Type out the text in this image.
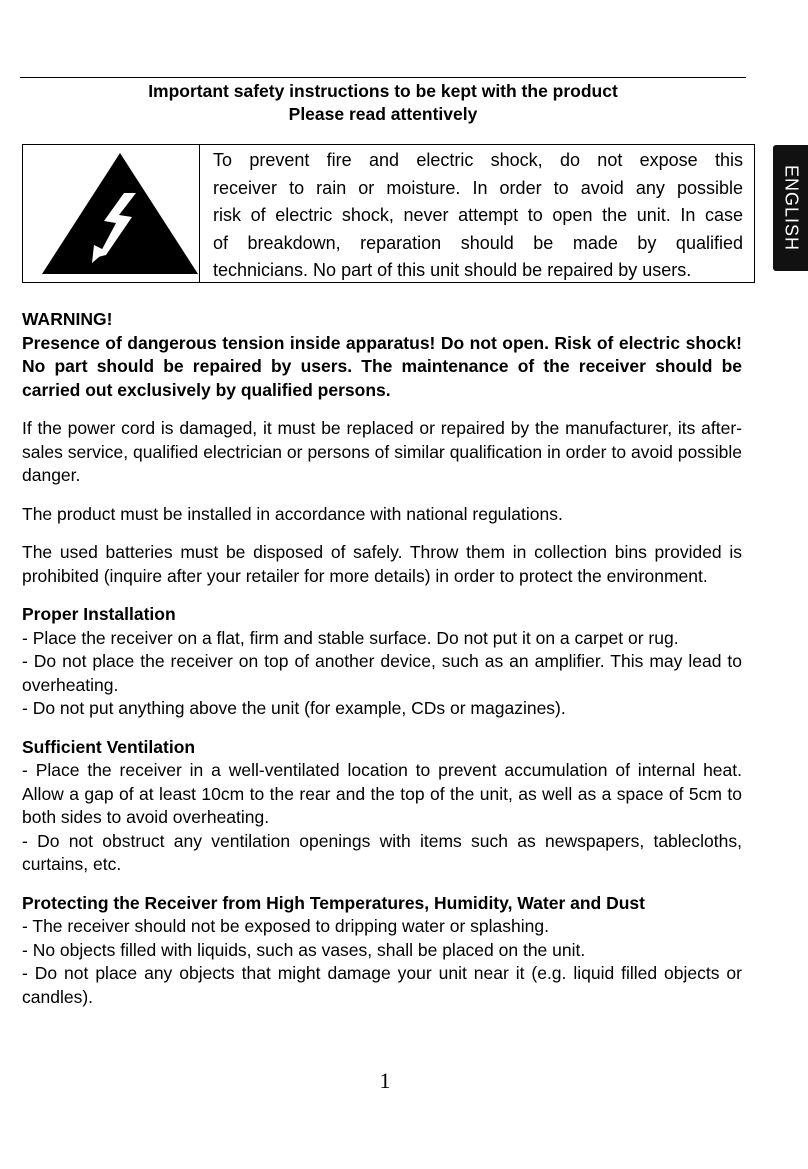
Important safety instructions to be kept with the product
Please read attentively
To prevent fire and electric shock, do not expose this
receiver to rain or moisture. In order to avoid any possible
risk of electric shock, never attempt to open the unit. In case
of breakdown, reparation should be made by qualified
technicians. No part of this unit should be repaired by users.
ENGLISH

WARNING!

Presence of dangerous tension inside apparatus! Do not open. Risk of electric shock! No part should be repaired by users. The maintenance of the receiver should be carried out exclusively by qualified persons.

If the power cord is damaged, it must be replaced or repaired by the manufacturer, its after-sales service, qualified electrician or persons of similar qualification in order to avoid possible danger.

The product must be installed in accordance with national regulations.

The used batteries must be disposed of safely. Throw them in collection bins provided is prohibited (inquire after your retailer for more details) in order to protect the environment.

Proper Installation
- Place the receiver on a flat, firm and stable surface. Do not put it on a carpet or rug.
- Do not place the receiver on top of another device, such as an amplifier. This may lead to overheating.
- Do not put anything above the unit (for example, CDs or magazines).
Sufficient Ventilation
- Place the receiver in a well-ventilated location to prevent accumulation of internal heat. Allow a gap of at least 10cm to the rear and the top of the unit, as well as a space of 5cm to both sides to avoid overheating.
- Do not obstruct any ventilation openings with items such as newspapers, tablecloths, curtains, etc.
Protecting the Receiver from High Temperatures, Humidity, Water and Dust
- The receiver should not be exposed to dripping water or splashing.
- No objects filled with liquids, such as vases, shall be placed on the unit.
- Do not place any objects that might damage your unit near it (e.g. liquid filled objects or candles).
1
